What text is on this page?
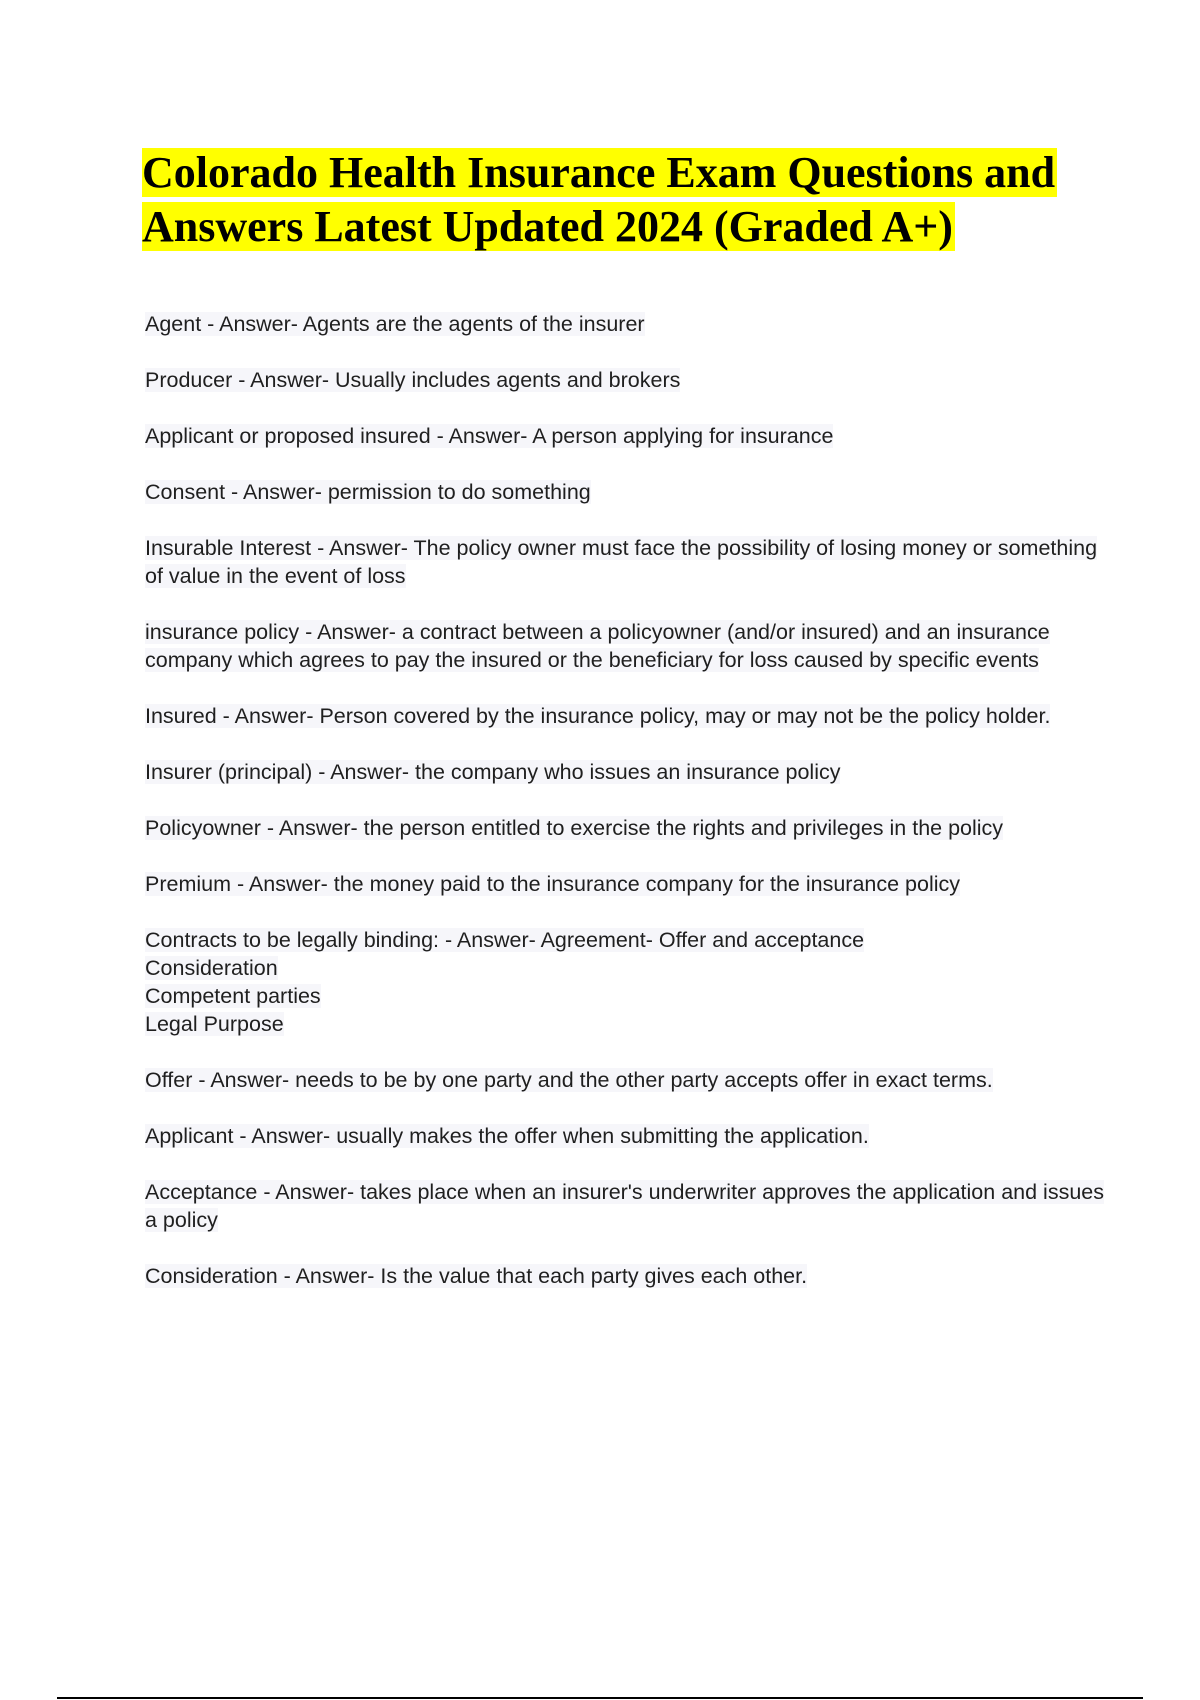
Colorado Health Insurance Exam Questions and Answers Latest Updated 2024 (Graded A+)
Agent - Answer- Agents are the agents of the insurer
Producer - Answer- Usually includes agents and brokers
Applicant or proposed insured - Answer- A person applying for insurance
Consent - Answer- permission to do something
Insurable Interest - Answer- The policy owner must face the possibility of losing money or something of value in the event of loss
insurance policy - Answer- a contract between a policyowner (and/or insured) and an insurance company which agrees to pay the insured or the beneficiary for loss caused by specific events
Insured - Answer- Person covered by the insurance policy, may or may not be the policy holder.
Insurer (principal) - Answer- the company who issues an insurance policy
Policyowner - Answer- the person entitled to exercise the rights and privileges in the policy
Premium - Answer- the money paid to the insurance company for the insurance policy
Contracts to be legally binding: - Answer- Agreement- Offer and acceptance
Consideration
Competent parties
Legal Purpose
Offer - Answer- needs to be by one party and the other party accepts offer in exact terms.
Applicant - Answer- usually makes the offer when submitting the application.
Acceptance - Answer- takes place when an insurer's underwriter approves the application and issues a policy
Consideration - Answer- Is the value that each party gives each other.
